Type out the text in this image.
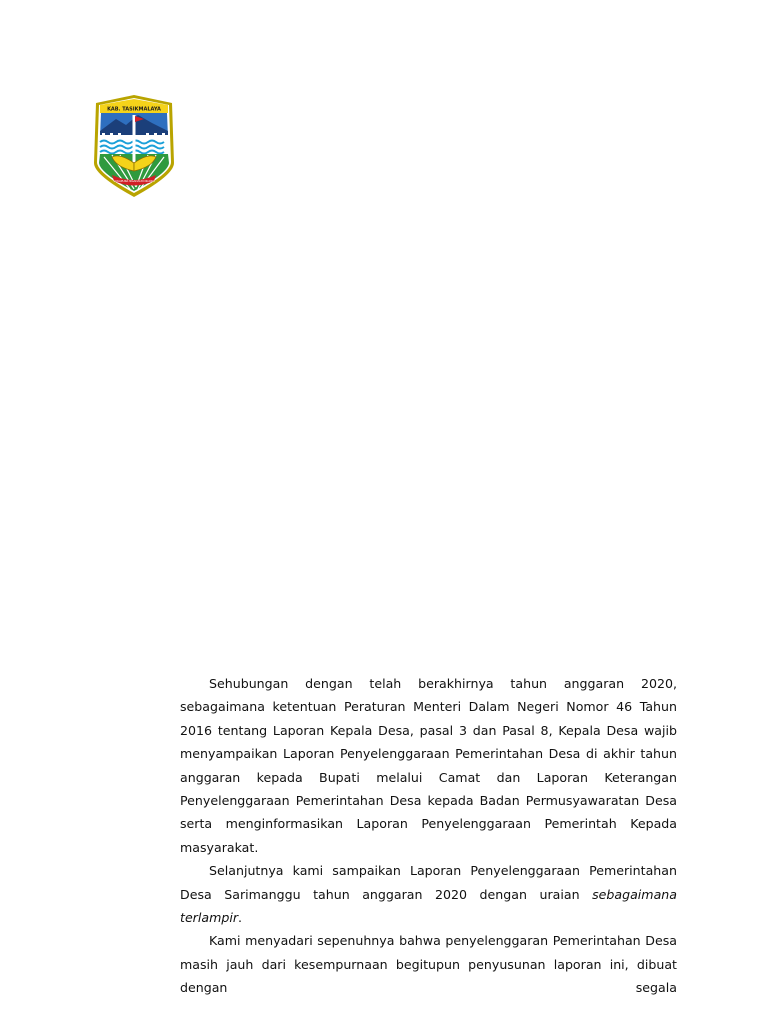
KAB. TASIKMALAYA
SUKAPURA NGADAUN NGORA

Sehubungan dengan telah berakhirnya tahun anggaran 2020, sebagaimana ketentuan Peraturan Menteri Dalam Negeri Nomor 46 Tahun 2016 tentang Laporan Kepala Desa, pasal 3 dan Pasal 8, Kepala Desa wajib menyampaikan Laporan Penyelenggaraan Pemerintahan Desa di akhir tahun anggaran kepada Bupati melalui Camat dan Laporan Keterangan Penyelenggaraan Pemerintahan Desa kepada Badan Permusyawaratan Desa serta menginformasikan Laporan Penyelenggaraan Pemerintah Kepada masyarakat.

Selanjutnya kami sampaikan Laporan Penyelenggaraan Pemerintahan Desa Sarimanggu tahun anggaran 2020 dengan uraian sebagaimana terlampir.

Kami menyadari sepenuhnya bahwa penyelenggaran Pemerintahan Desa masih jauh dari kesempurnaan begitupun penyusunan laporan ini, dibuat dengan segala
